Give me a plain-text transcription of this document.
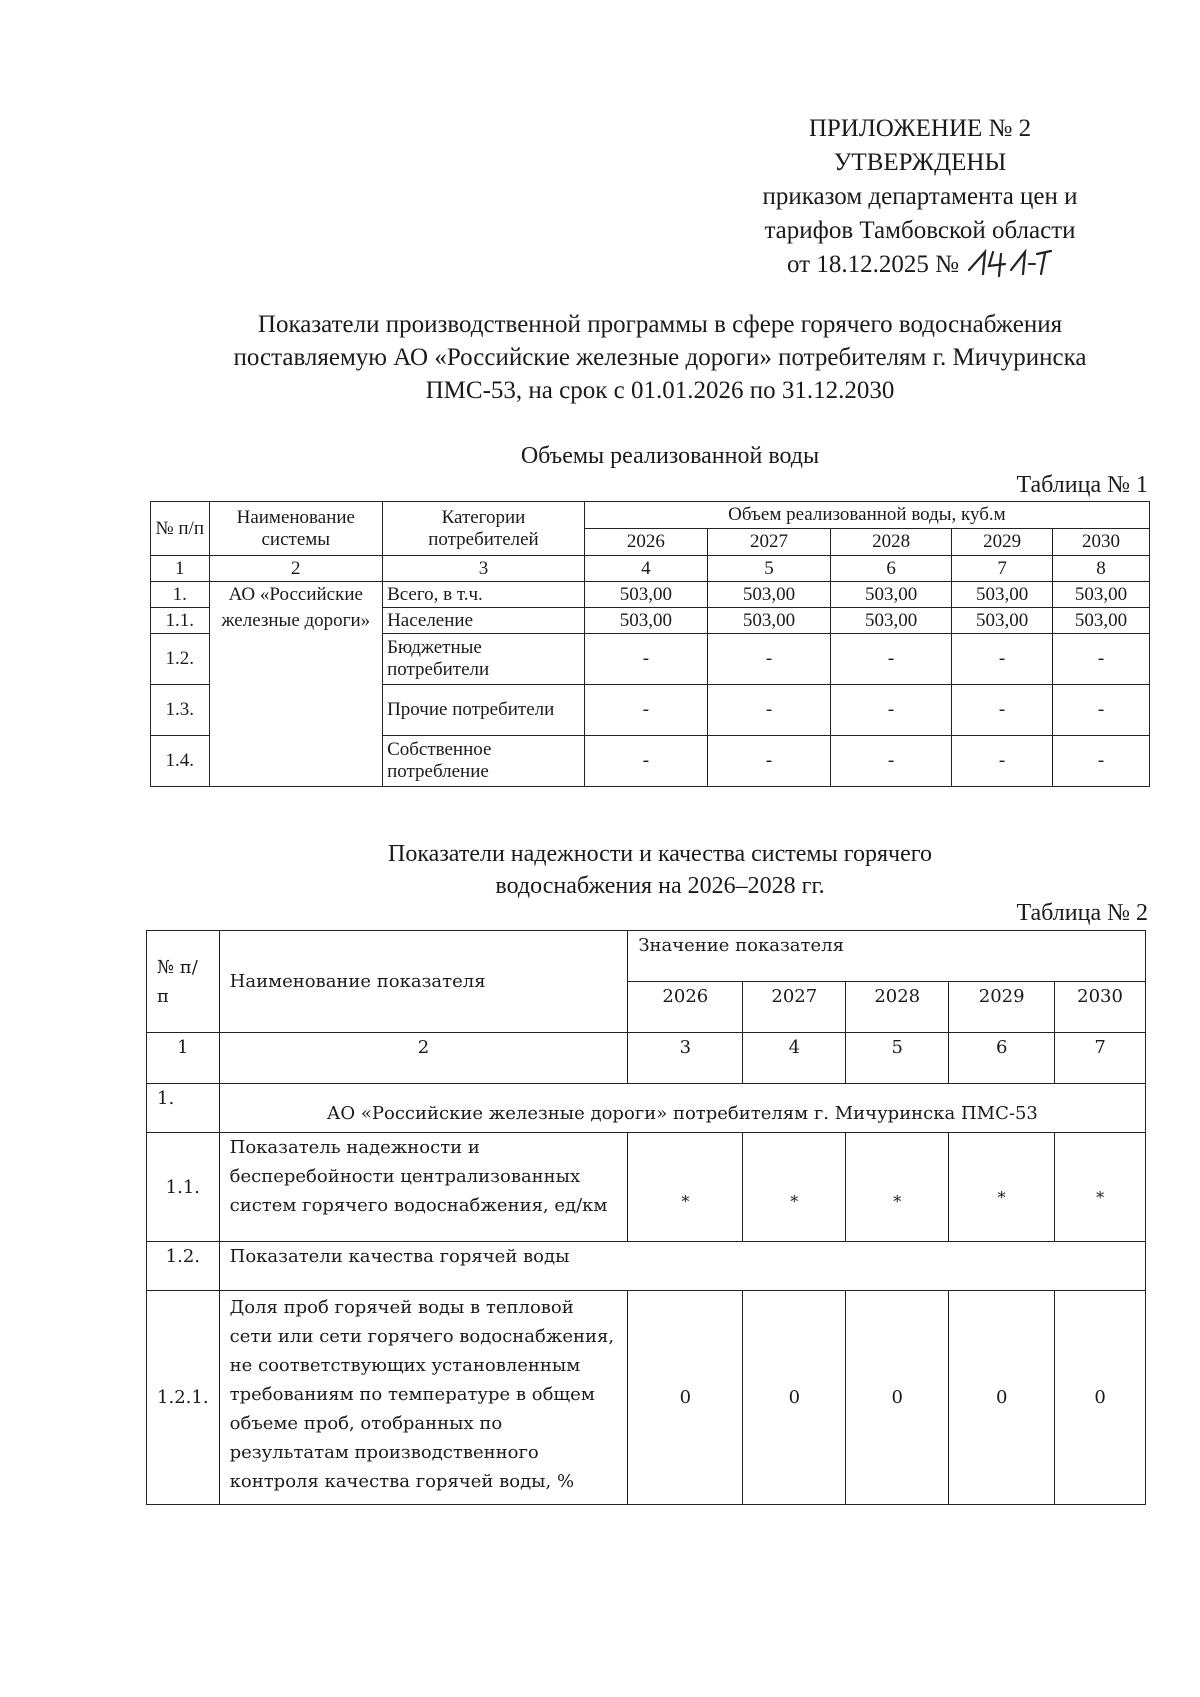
ПРИЛОЖЕНИЕ № 2
УТВЕРЖДЕНЫ
приказом департамента цен и
тарифов Тамбовской области
от 18.12.2025 №
Показатели производственной программы в сфере горячего водоснабжения
поставляемую АО «Российские железные дороги» потребителям г. Мичуринска
ПМС-53, на срок с 01.01.2026 по 31.12.2030
Объемы реализованной воды
Таблица № 1
№ п/п	Наименование системы	Категории потребителей	Объем реализованной воды, куб.м				
			2026	2027	2028	2029	2030
1	2	3	4	5	6	7	8
1.	АО «Российские железные дороги»	Всего, в т.ч.	503,00	503,00	503,00	503,00	503,00
1.1.		Население	503,00	503,00	503,00	503,00	503,00
1.2.		Бюджетные потребители	-	-	-	-	-
1.3.		Прочие потребители	-	-	-	-	-
1.4.		Собственное потребление	-	-	-	-	-
Показатели надежности и качества системы горячего
водоснабжения на 2026–2028 гг.
Таблица № 2
№ п/п	Наименование показателя	Значение показателя				
		2026	2027	2028	2029	2030
1	2	3	4	5	6	7
1.	АО «Российские железные дороги» потребителям г. Мичуринска ПМС-53					
1.1.	Показатель надежности и бесперебойности централизованных систем горячего водоснабжения, ед/км	*	*	*	*	*
1.2.	Показатели качества горячей воды					
1.2.1.	Доля проб горячей воды в тепловой сети или сети горячего водоснабжения, не соответствующих установленным требованиям по температуре в общем объеме проб, отобранных по результатам производственного контроля качества горячей воды, %	0	0	0	0	0
